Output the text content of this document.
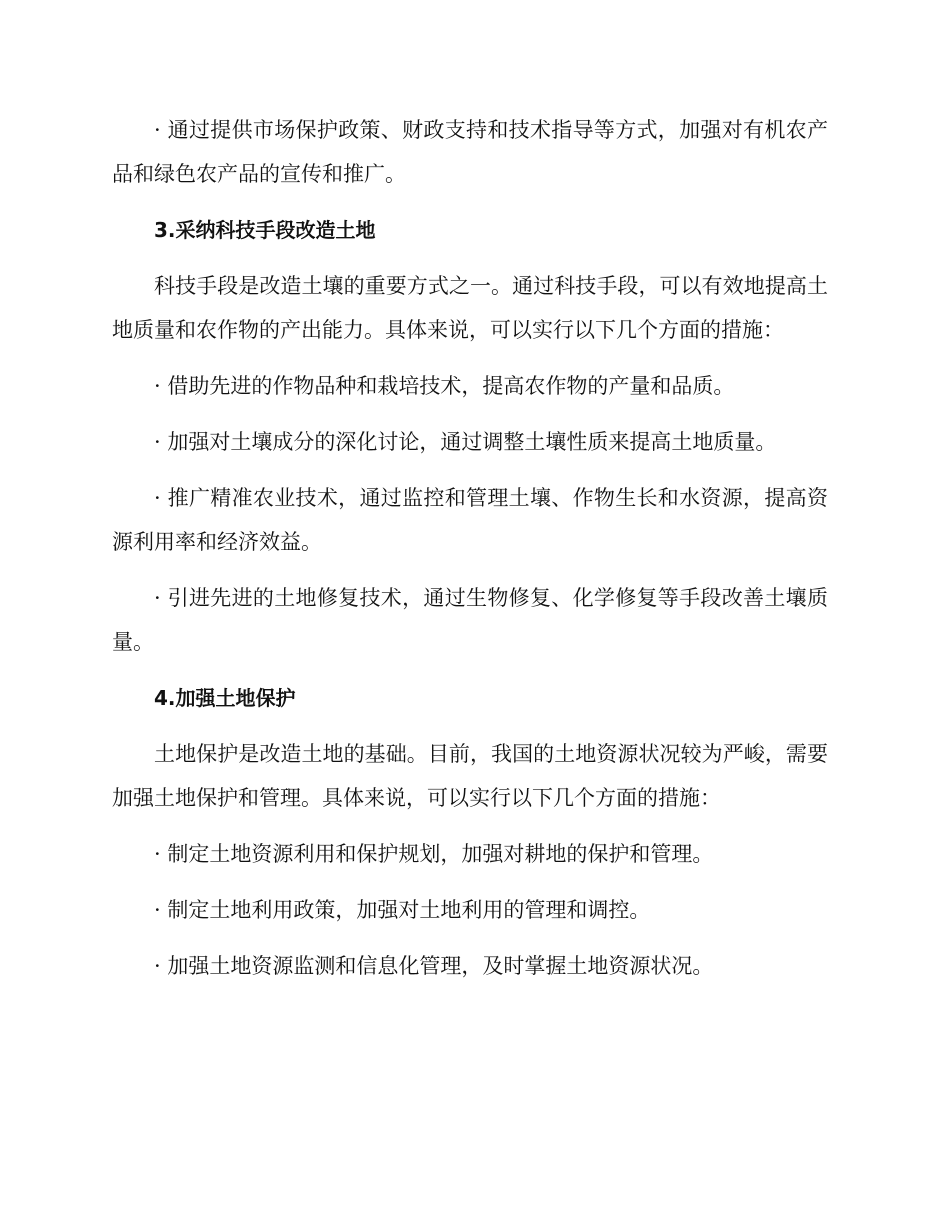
· 通过提供市场保护政策、财政支持和技术指导等方式，加强对有机农产品和绿色农产品的宣传和推广。

3.采纳科技手段改造土地

科技手段是改造土壤的重要方式之一。通过科技手段，可以有效地提高土地质量和农作物的产出能力。具体来说，可以实行以下几个方面的措施：

· 借助先进的作物品种和栽培技术，提高农作物的产量和品质。

· 加强对土壤成分的深化讨论，通过调整土壤性质来提高土地质量。

· 推广精准农业技术，通过监控和管理土壤、作物生长和水资源，提高资源利用率和经济效益。

· 引进先进的土地修复技术，通过生物修复、化学修复等手段改善土壤质量。

4.加强土地保护

土地保护是改造土地的基础。目前，我国的土地资源状况较为严峻，需要加强土地保护和管理。具体来说，可以实行以下几个方面的措施：

· 制定土地资源利用和保护规划，加强对耕地的保护和管理。

· 制定土地利用政策，加强对土地利用的管理和调控。

· 加强土地资源监测和信息化管理，及时掌握土地资源状况。
